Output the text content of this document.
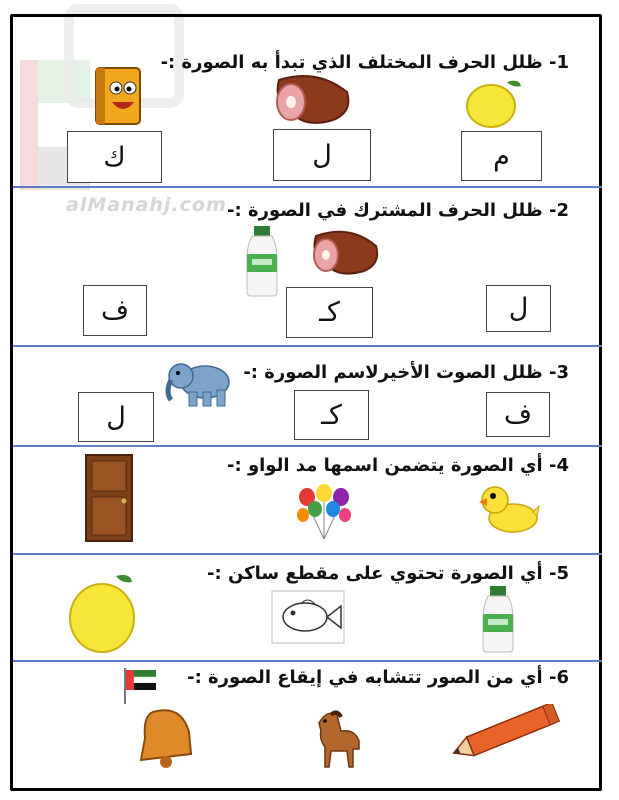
alManahj.com
1- ظلل الحرف المختلف الذي تبدأ به الصورة :-
ك	ل	م
2- ظلل الحرف المشترك في الصورة :-
ف	كـ	ل
3- ظلل الصوت الأخيرلاسم الصورة :-
ل	كـ	ف
4- أي الصورة يتضمن اسمها مد الواو :-
5- أي الصورة تحتوي على مقطع ساكن :-
6- أي من الصور تتشابه في إيقاع الصورة :-
